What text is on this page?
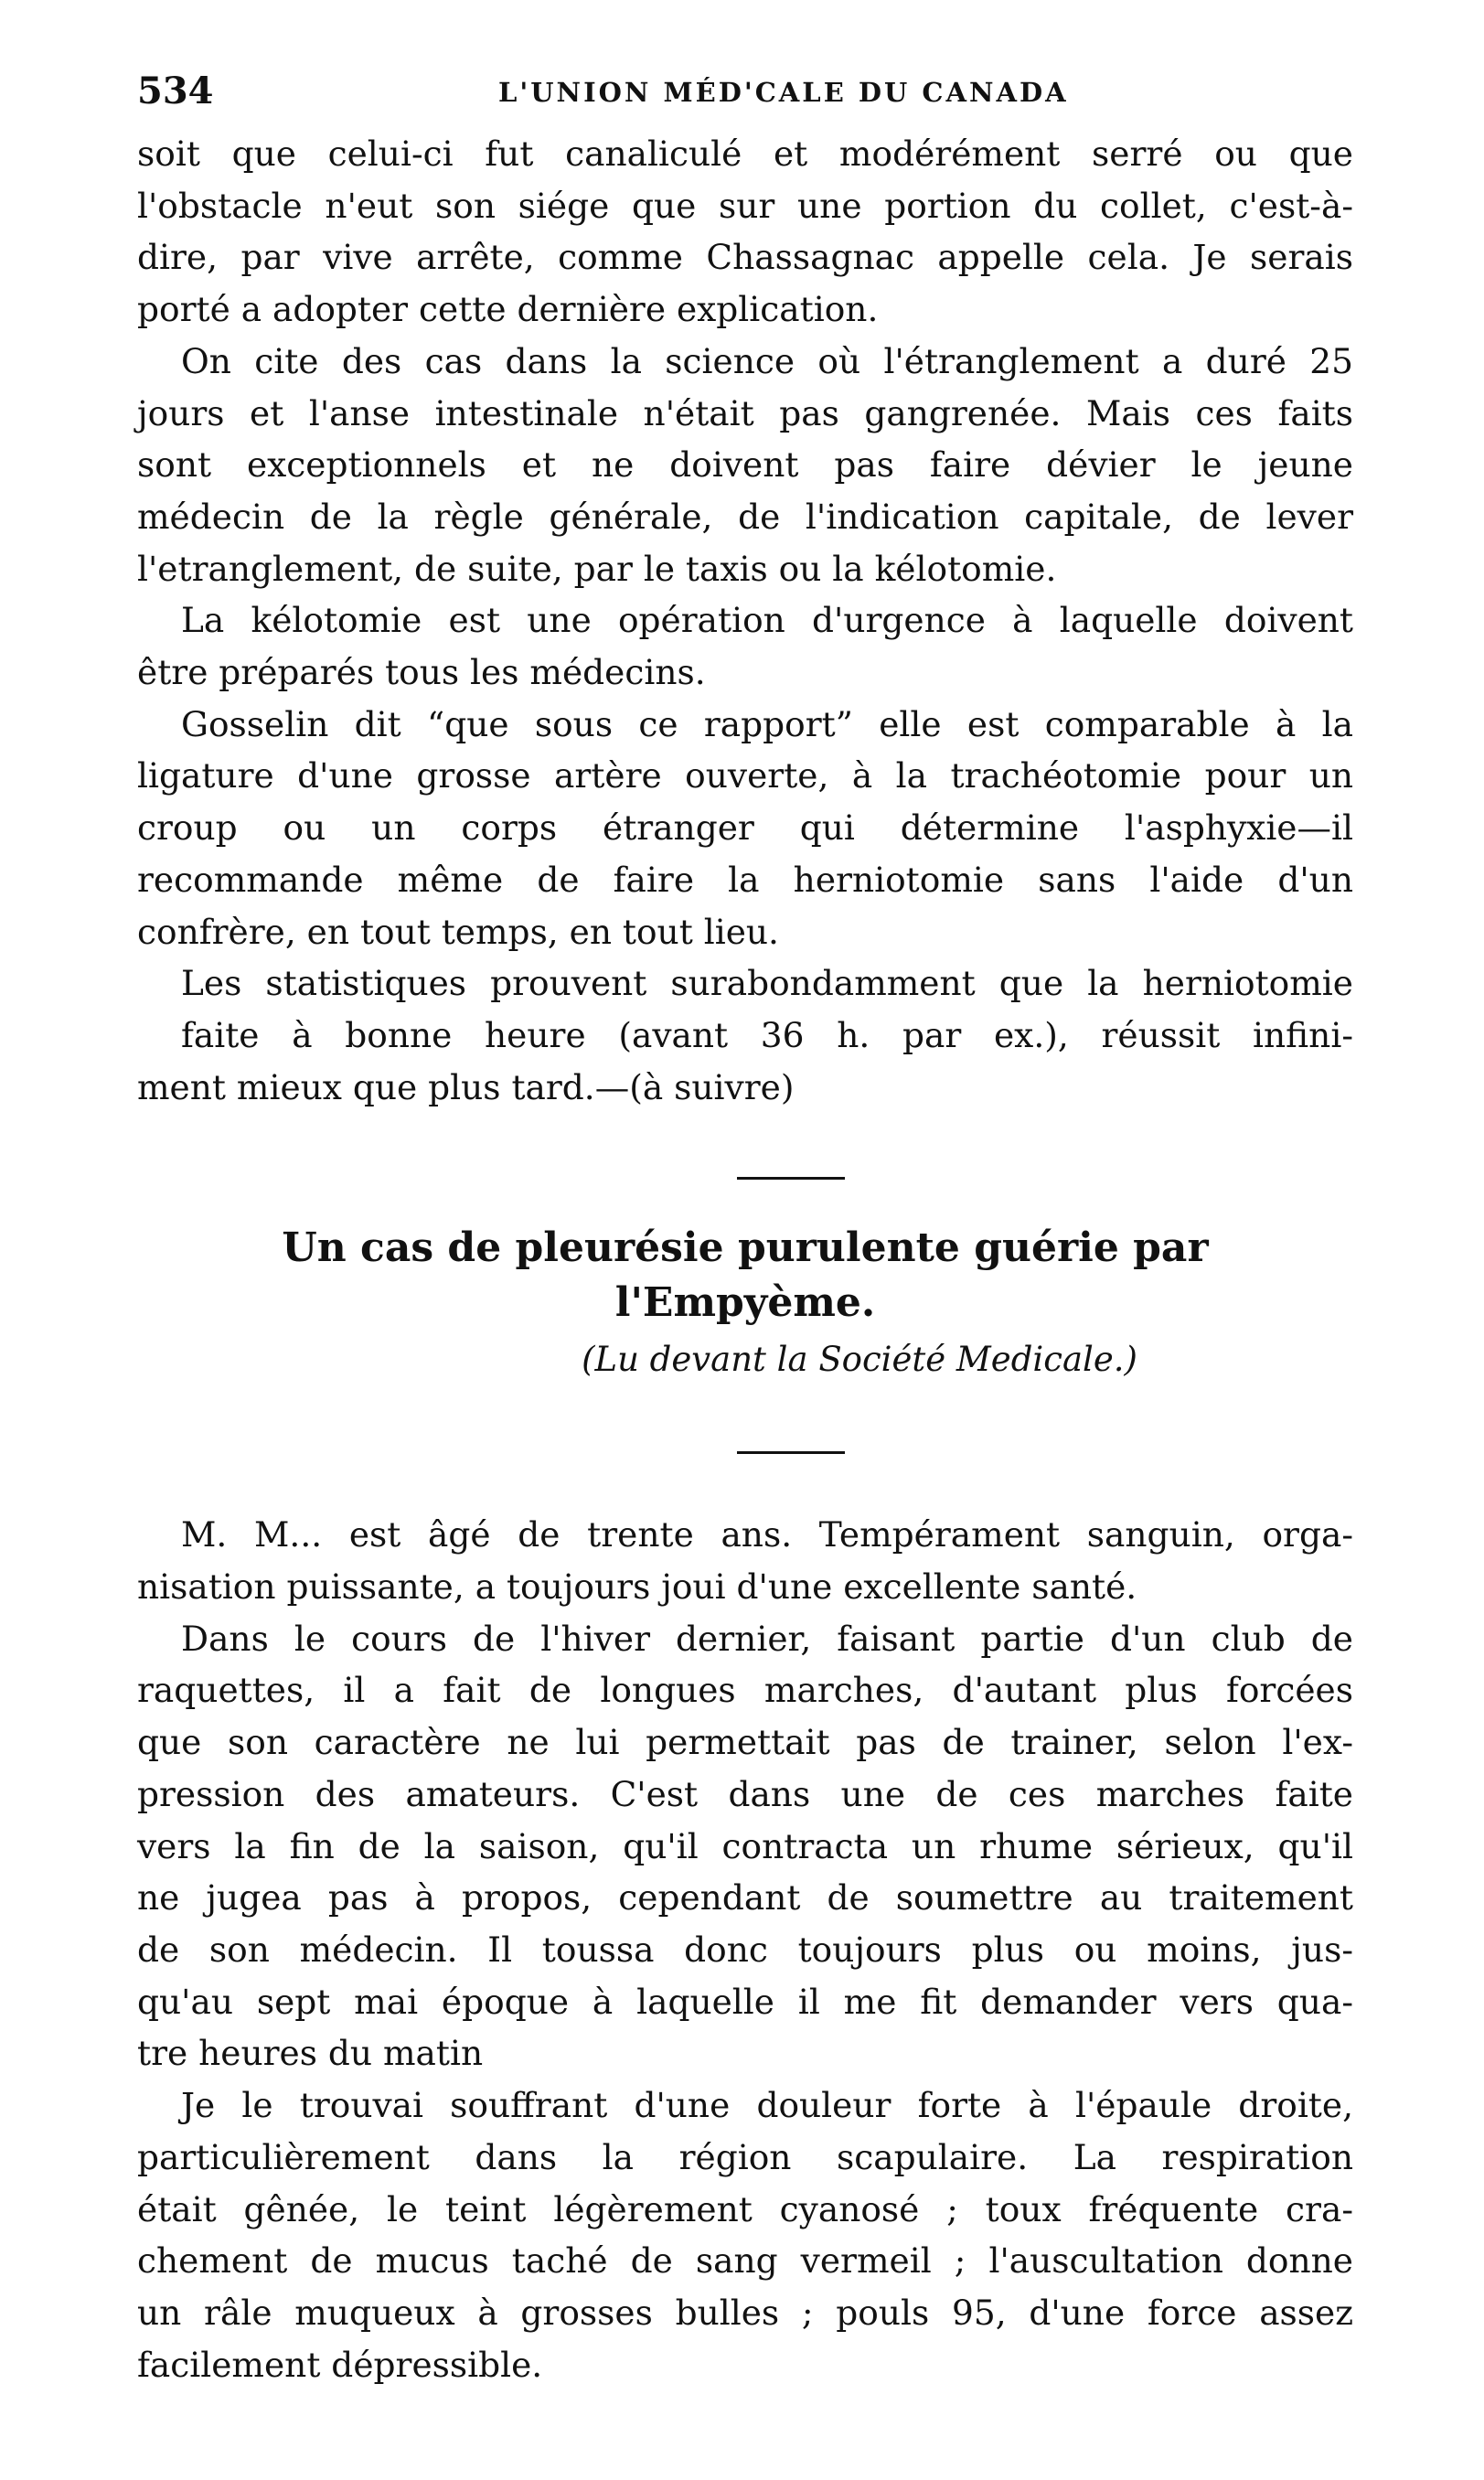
534	L'UNION MÉD'CALE DU CANADA
soit que celui-ci fut canaliculé et modérément serré ou que
l'obstacle n'eut son siége que sur une portion du collet, c'est-à-
dire, par vive arrête, comme Chassagnac appelle cela. Je serais
porté a adopter cette dernière explication.
On cite des cas dans la science où l'étranglement a duré 25
jours et l'anse intestinale n'était pas gangrenée. Mais ces faits
sont exceptionnels et ne doivent pas faire dévier le jeune
médecin de la règle générale, de l'indication capitale, de lever
l'etranglement, de suite, par le taxis ou la kélotomie.
La kélotomie est une opération d'urgence à laquelle doivent
être préparés tous les médecins.
Gosselin dit “que sous ce rapport” elle est comparable à la
ligature d'une grosse artère ouverte, à la trachéotomie pour un
croup ou un corps étranger qui détermine l'asphyxie—il
recommande même de faire la herniotomie sans l'aide d'un
confrère, en tout temps, en tout lieu.
Les statistiques prouvent surabondamment que la herniotomie faite à bonne heure (avant 36 h. par ex.), réussit infini-
ment mieux que plus tard.—(à suivre)
Un cas de pleurésie purulente guérie par
l'Empyème.
(Lu devant la Société Medicale.)
M. M... est âgé de trente ans. Tempérament sanguin, orga-
nisation puissante, a toujours joui d'une excellente santé.
Dans le cours de l'hiver dernier, faisant partie d'un club de
raquettes, il a fait de longues marches, d'autant plus forcées
que son caractère ne lui permettait pas de trainer, selon l'ex-
pression des amateurs. C'est dans une de ces marches faite
vers la fin de la saison, qu'il contracta un rhume sérieux, qu'il
ne jugea pas à propos, cependant de soumettre au traitement
de son médecin. Il toussa donc toujours plus ou moins, jus-
qu'au sept mai époque à laquelle il me fit demander vers qua-
tre heures du matin
Je le trouvai souffrant d'une douleur forte à l'épaule droite,
particulièrement dans la région scapulaire. La respiration
était gênée, le teint légèrement cyanosé ; toux fréquente cra-
chement de mucus taché de sang vermeil ; l'auscultation donne
un râle muqueux à grosses bulles ; pouls 95, d'une force assez
facilement dépressible.
